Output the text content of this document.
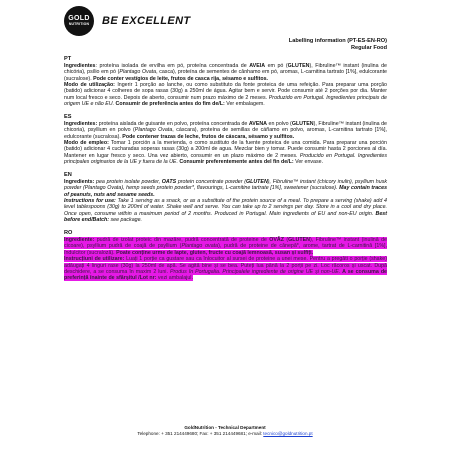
GOLD
NUTRITION BE EXCELLENT
Labelling information (PT-ES-EN-RO)
Regular Food
PT

Ingredientes: proteína isolada de ervilha em pó, proteína concentrada de AVEIA em pó (GLUTEN), Fibruline™ instant (inulina de chicória), psílio em pó (Plantago Ovata, casca), proteína de sementes de cânhamo em pó, aromas, L-carnitina tartrato [1%], edulcorante (sucralose). Pode conter vestígios de leite, frutos de casca rija, sésamo e sulfitos.
Modo de utilização: Ingerir 1 porção ao lanche, ou como substituto da fonte proteica de uma refeição. Para preparar uma porção (batido) adicionar 4 colheres de sopa rasas (30g) a 250ml de água. Agitar bem e servir. Pode consumir até 2 porções por dia. Manter num local fresco e seco. Depois de aberto, consumir num prazo máximo de 2 meses. Produzido em Portugal. Ingredientes principais de origem UE e não EU. Consumir de preferência antes do fim de/L: Ver embalagem.

ES

Ingredientes: proteína aislada de guisante en polvo, proteína concentrada de AVENA en polvo (GLUTEN), Fibruline™ instant (inulina de chicoria), psyllium en polvo (Plantago Ovata, cáscara), proteína de semillas de cáñamo en polvo, aromas, L-carnitina tartrato [1%], edulcorante (sucralosa). Pode contener trazas de leche, frutos de cáscara, sésamo y sulfitos.
Modo de empleo: Tomar 1 porción a la merienda, o como sustituto de la fuente proteica de una comida. Para preparar una porción (batido) adicionar 4 cucharadas soperas rasas (30g) a 200ml de agua. Mezclar bien y tomar. Puede consumir hasta 2 porciones al día. Mantener en lugar fresco y seco. Una vez abierto, consumir en un plazo máximo de 2 meses. Producido en Portugal. Ingredientes principales originarios de la UE y fuera de la UE. Consumir preferentemente antes del fin de/L: Ver envase.

EN

Ingredients: pea protein isolate powder, OATS protein concentrate powder (GLUTEN), Fibruline™ instant (chicory inulin), psyllium husk powder (Plantago Ovata), hemp seeds protein powder*, flavourings, L-carnitine tartrate [1%], sweetener (sucralose). May contain traces of peanuts, nuts and sesame seeds.
Instructions for use: Take 1 serving as a snack, or as a substitute of the protein source of a meal. To prepare a serving (shake) add 4 level tablespoons (30g) to 200ml of water. Shake well and serve. You can take up to 2 servings per day. Store in a cool and dry place. Once open, consume within a maximum period of 2 months. Produced in Portugal. Main ingredients of EU and non-EU origin. Best before end/Batch: see package.

RO

Ingrediente: pudră de izolat proteic din mazăre, pudră concentrată de proteine de OVĂZ (GLUTEN), Fibruline™ instant (inulină de cicoare), psyllium pudră de coajă de psyllium (Plantago ovata), pudră de proteine de cânepă*, arome, tartrat de L-carnitină [1%], îndulcitor (sucraloză). Poate conține urme de lapte, gluten, fructe cu coajă lemnoasă, susan și sulfiți.
Instrucțiuni de utilizare: Luați 1 porție ca gustare sau ca înlocuitor al sursei de proteine a unei mese. Pentru a pregăti o porție (shake) adăugați 4 linguri rase (30g) la 250ml de apă. Se agită bine și se bea. Puteți lua până la 2 porții pe zi. Loc răcoros și uscat. După deschidere, a se consuma în maxim 2 luni. Produs în Portugalia. Principalele ingrediente de origine UE și non-UE. A se consuma de preferință înainte de sfârșitul /Lot nr: vezi ambalajul.

GoldNutrition - Technical Department
Telephone: + 351 214449680; Fax: + 351 214449681; e-mail: tecnico@goldnutrition.pt
